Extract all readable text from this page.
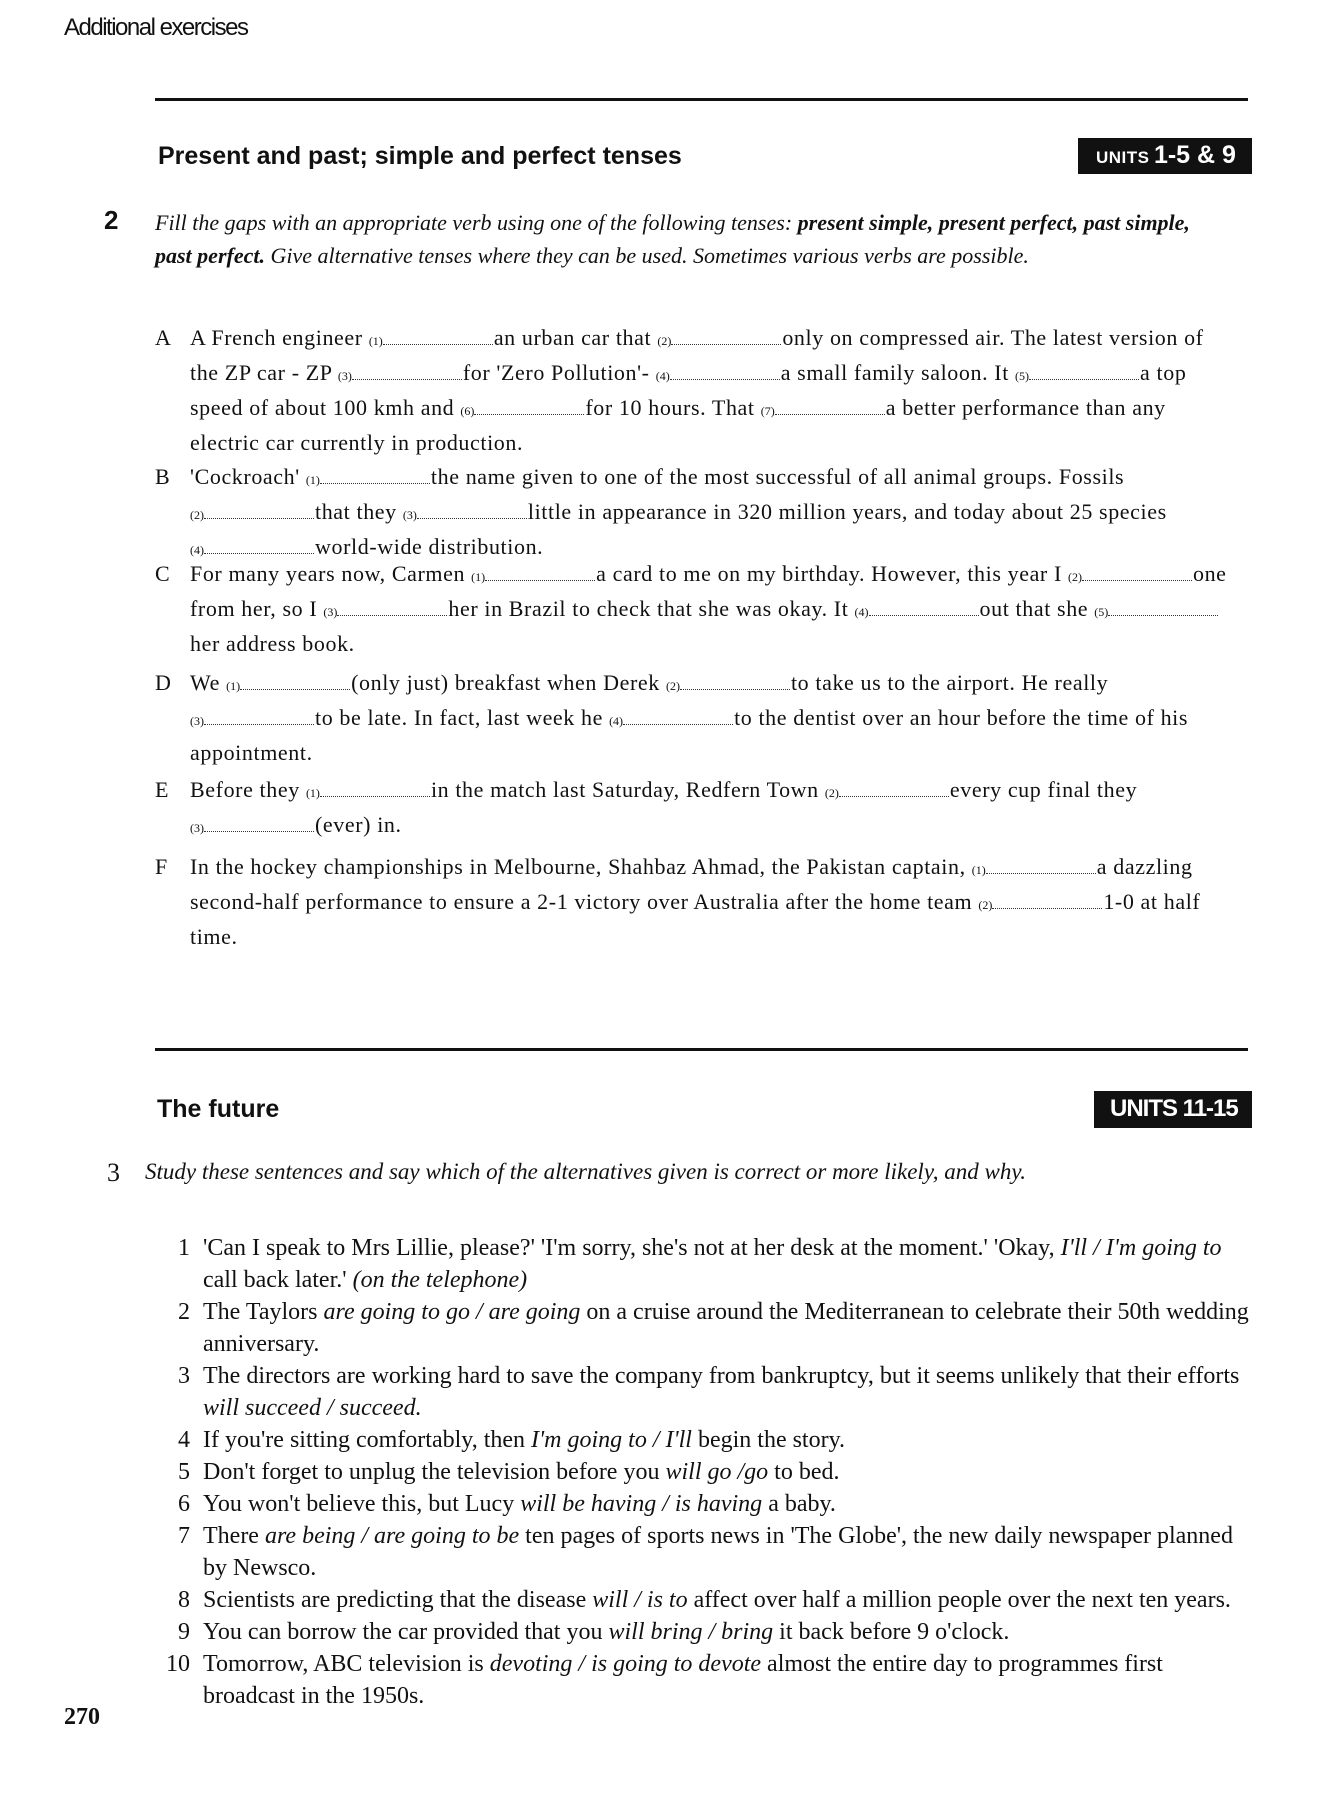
Additional exercises
Present and past; simple and perfect tenses	UNITS 1-5 & 9
2 Fill the gaps with an appropriate verb using one of the following tenses: present simple, present perfect, past simple, past perfect. Give alternative tenses where they can be used. Sometimes various verbs are possible.
A A French engineer (1)	an urban car that (2)	only on compressed air. The latest version of the ZP car - ZP (3)	for 'Zero Pollution'- (4)	a small family saloon. It (5)	a top speed of about 100 kmh and (6)	for 10 hours. That (7)	a better performance than any electric car currently in production.
B 'Cockroach' (1)	the name given to one of the most successful of all animal groups. Fossils (2)	that they (3)	little in appearance in 320 million years, and today about 25 species (4)	world-wide distribution.
C For many years now, Carmen (1)	a card to me on my birthday. However, this year I (2)	one from her, so I (3)	her in Brazil to check that she was okay. It (4)	out that she (5)her address book.
D We (1)	(only just) breakfast when Derek (2)	to take us to the airport. He really (3)	to be late. In fact, last week he (4)	to the dentist over an hour before the time of his appointment.
E Before they (1)	in the match last Saturday, Redfern Town (2)	every cup final they (3)	(ever) in.
F In the hockey championships in Melbourne, Shahbaz Ahmad, the Pakistan captain, (1)	a dazzling second-half performance to ensure a 2-1 victory over Australia after the home team (2)	1-0 at half time.
The future	UNITS 11-15
3 Study these sentences and say which of the alternatives given is correct or more likely, and why.
1 'Can I speak to Mrs Lillie, please?' 'I'm sorry, she's not at her desk at the moment.' 'Okay, I'll / I'm going to call back later.' (on the telephone)
2 The Taylors are going to go / are going on a cruise around the Mediterranean to celebrate their 50th wedding anniversary.
3 The directors are working hard to save the company from bankruptcy, but it seems unlikely that their efforts will succeed / succeed.
4 If you're sitting comfortably, then I'm going to / I'll begin the story.
5 Don't forget to unplug the television before you will go /go to bed.
6 You won't believe this, but Lucy will be having / is having a baby.
7 There are being / are going to be ten pages of sports news in 'The Globe', the new daily newspaper planned by Newsco.
8 Scientists are predicting that the disease will / is to affect over half a million people over the next ten years.
9 You can borrow the car provided that you will bring / bring it back before 9 o'clock.
10 Tomorrow, ABC television is devoting / is going to devote almost the entire day to programmes first broadcast in the 1950s.
270
